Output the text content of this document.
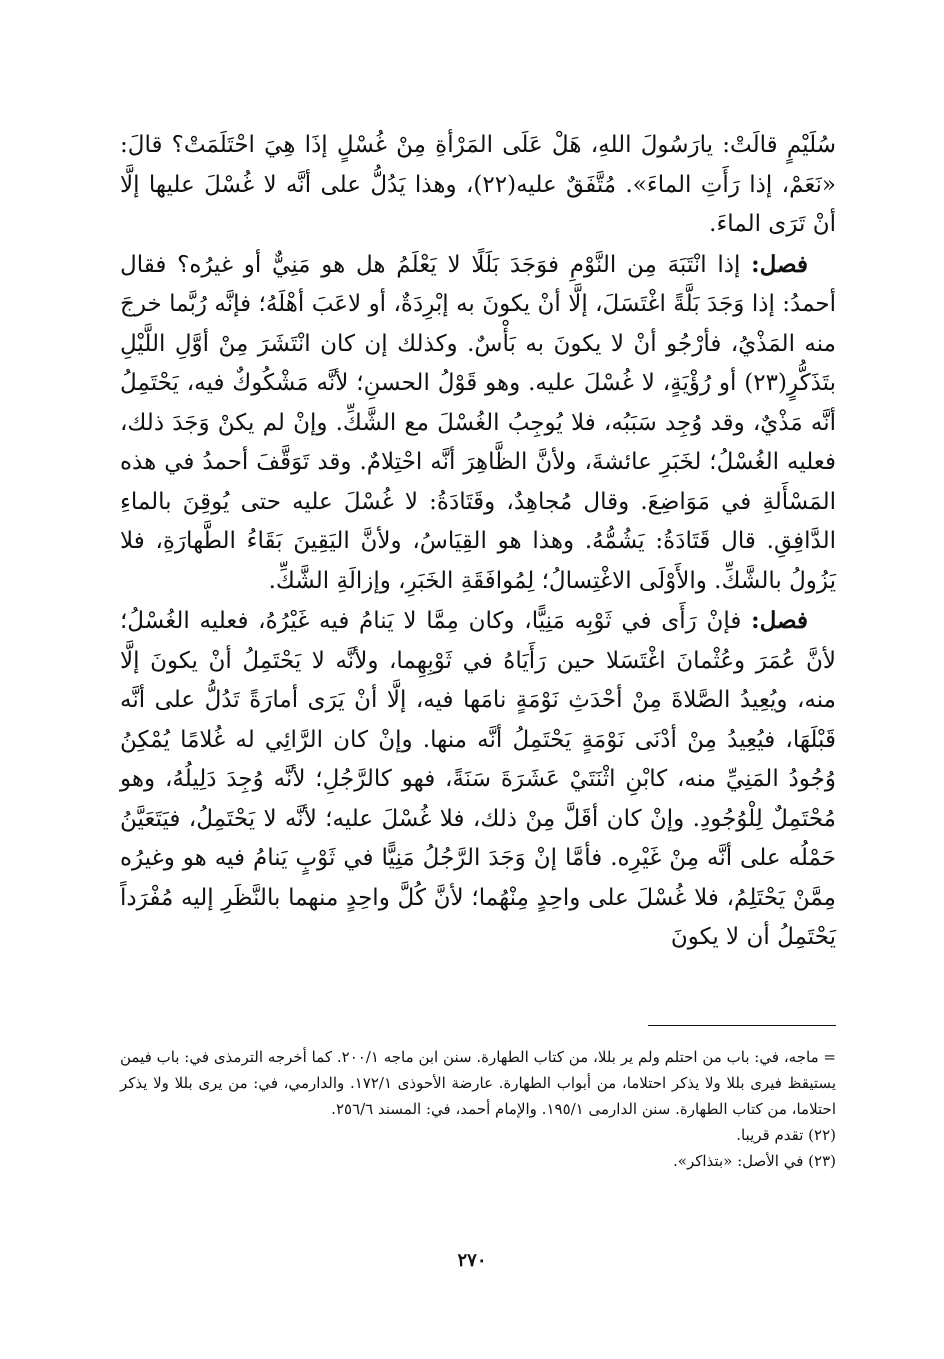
سُلَيْمٍ قالَتْ: يارَسُولَ اللهِ، هَلْ عَلَى المَرْأةِ مِنْ غُسْلٍ إذَا هِيَ احْتَلَمَتْ؟ قالَ: «نَعَمْ، إذا رَأَتِ الماءَ». مُتَّفَقٌ عليه(٢٢)، وهذا يَدُلُّ على أنَّه لا غُسْلَ عليها إلَّا أنْ تَرَى الماءَ.

فصل: إذا انْتَبَهَ مِن النَّوْمِ فوَجَدَ بَلَلًا لا يَعْلَمُ هل هو مَنِيٌّ أو غيرُه؟ فقال أحمدُ: إذا وَجَدَ بَلَّةً اغْتَسَلَ، إلَّا أنْ يكونَ به إبْرِدَةٌ، أو لاعَبَ أهْلَهُ؛ فإنَّه رُبَّما خرجَ منه المَذْيُ، فأرْجُو أنْ لا يكونَ به بَأْسٌ. وكذلك إن كان انْتَشَرَ مِنْ أوَّلِ اللَّيْلِ بتَذَكُّرٍ(٢٣) أو رُؤْيَةٍ، لا غُسْلَ عليه. وهو قَوْلُ الحسنِ؛ لأنَّه مَشْكُوكٌ فيه، يَحْتَمِلُ أنَّه مَذْيٌ، وقد وُجِد سَبَبُه، فلا يُوجِبُ الغُسْلَ مع الشَّكِّ. وإنْ لم يكنْ وَجَدَ ذلك، فعليه الغُسْلُ؛ لخَبَرِ عائشةَ، ولأنَّ الظَّاهِرَ أنَّه احْتِلامٌ. وقد تَوَقَّفَ أحمدُ في هذه المَسْأَلةِ في مَوَاضِعَ. وقال مُجاهِدٌ، وقَتَادَةُ: لا غُسْلَ عليه حتى يُوقِنَ بالماءِ الدَّافِقِ. قال قَتَادَةُ: يَشُمُّهُ. وهذا هو القِيَاسُ، ولأنَّ اليَقِينَ بَقَاءُ الطَّهارَةِ، فلا يَزُولُ بالشَّكِّ. والأَوْلَى الاغْتِسالُ؛ لِمُوافَقَةِ الخَبَرِ، وإزالَةِ الشَّكِّ.

فصل: فإنْ رَأَى في ثَوْبِه مَنِيًّا، وكان مِمَّا لا يَنامُ فيه غَيْرُهُ، فعليه الغُسْلُ؛ لأنَّ عُمَرَ وعُثْمانَ اغْتَسَلا حين رَأَيَاهُ في ثَوْبِهِما، ولأنَّه لا يَحْتَمِلُ أنْ يكونَ إلَّا منه، ويُعِيدُ الصَّلاةَ مِنْ أحْدَثِ نَوْمَةٍ نامَها فيه، إلَّا أنْ يَرَى أمارَةً تَدُلُّ على أنَّه قَبْلَهَا، فيُعِيدُ مِنْ أدْنَى نَوْمَةٍ يَحْتَمِلُ أنَّه منها. وإنْ كان الرَّائِي له غُلامًا يُمْكِنُ وُجُودُ المَنِيِّ منه، كابْنِ اثْنَتَيْ عَشَرَةَ سَنَةً، فهو كالرَّجُلِ؛ لأنَّه وُجِدَ دَلِيلُهُ، وهو مُحْتَمِلٌ لِلْوُجُودِ. وإنْ كان أقَلَّ مِنْ ذلك، فلا غُسْلَ عليه؛ لأنَّه لا يَحْتَمِلُ، فيَتَعَيَّنُ حَمْلُه على أنَّه مِنْ غَيْرِه. فأمَّا إنْ وَجَدَ الرَّجُلُ مَنِيًّا في ثَوْبٍ يَنامُ فيه هو وغيرُه مِمَّنْ يَحْتَلِمُ، فلا غُسْلَ على واحِدٍ مِنْهُما؛ لأنَّ كُلَّ واحِدٍ منهما بالنَّظَرِ إليه مُفْرَداً يَحْتَمِلُ أن لا يكونَ

= ماجه، في: باب من احتلم ولم ير بللا، من كتاب الطهارة. سنن ابن ماجه ٢٠٠/١. كما أخرجه الترمذى في: باب فيمن يستيقظ فيرى بللا ولا يذكر احتلاما، من أبواب الطهارة. عارضة الأحوذى ١٧٢/١. والدارمي، في: من يرى بللا ولا يذكر احتلاما، من كتاب الطهارة. سنن الدارمى ١٩٥/١. والإمام أحمد، في: المسند ٢٥٦/٦.

(٢٢) تقدم قريبا.

(٢٣) في الأصل: «بتذاكر».

٢٧٠
